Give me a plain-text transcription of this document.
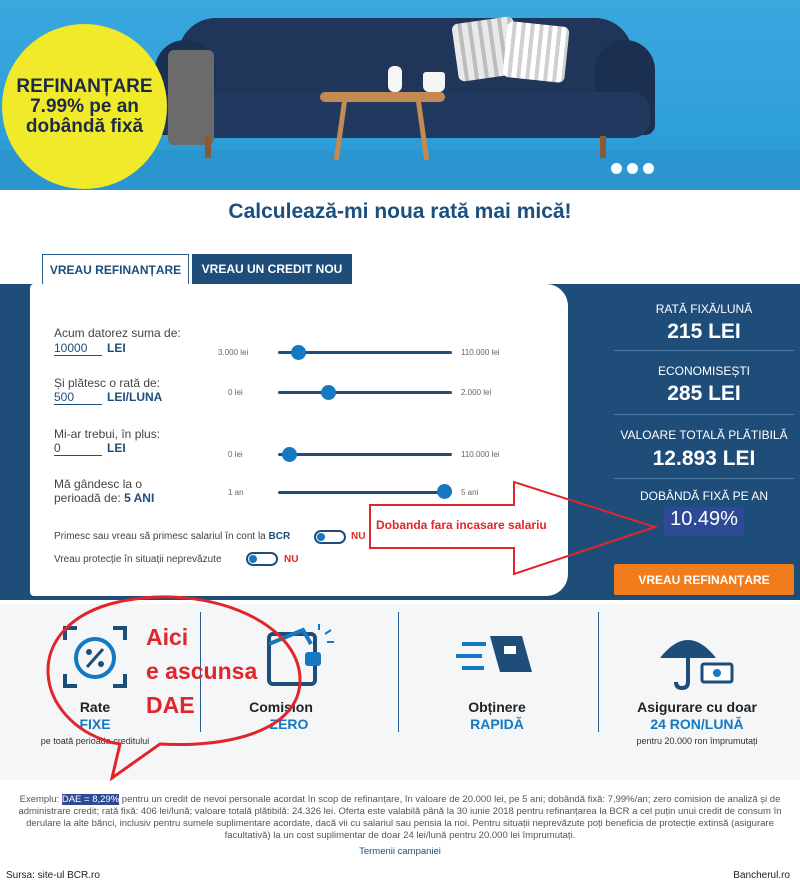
REFINANȚARE 7.99% pe an dobândă fixă
Calculează-mi noua rată mai mică!
VREAU REFINANȚARE	VREAU UN CREDIT NOU
Acum datorez suma de:
10000 LEI	3.000 lei	110.000 lei
Și plătesc o rată de:
500	LEI/LUNA	0 lei	2.000 lei
Mi-ar trebui, în plus:
0	LEI	0 lei	110.000 lei
Mă gândesc la o
perioadă de: 5 ANI	1 an	5 ani
Primesc sau vreau să primesc salariul în cont la BCR	NU
Vreau protecție în situații neprevăzute	NU
RATĂ FIXĂ/LUNĂ
215 LEI
ECONOMISEȘTI
285 LEI
VALOARE TOTALĂ PLĂTIBILĂ
12.893 LEI
DOBÂNDĂ FIXĂ PE AN
10.49%
VREAU REFINANȚARE
Rate
FIXE
pe toată perioada creditului
Comision
ZERO
Obținere
RAPIDĂ
Asigurare cu doar
24 RON/LUNĂ
pentru 20.000 ron împrumutați
Dobanda fara incasare salariu
Aici
e ascunsa
DAE
Exemplu: DAE = 8,29% pentru un credit de nevoi personale acordat în scop de refinanțare, în valoare de 20.000 lei, pe 5 ani; dobândă fixă: 7,99%/an; zero comision de analiză și de administrare credit; rată fixă: 406 lei/lună; valoare totală plătibilă: 24.326 lei. Oferta este valabilă până la 30 iunie 2018 pentru refinanțarea la BCR a cel puțin unui credit de consum în derulare la alte bănci, inclusiv pentru sumele suplimentare acordate, dacă vii cu salariul sau pensia la noi. Pentru situații neprevăzute poți beneficia de protecție extinsă (asigurare facultativă) la un cost suplimentar de doar 24 lei/lună pentru 20.000 lei împrumutați.
Termenii campaniei
Sursa: site-ul BCR.ro	Bancherul.ro
